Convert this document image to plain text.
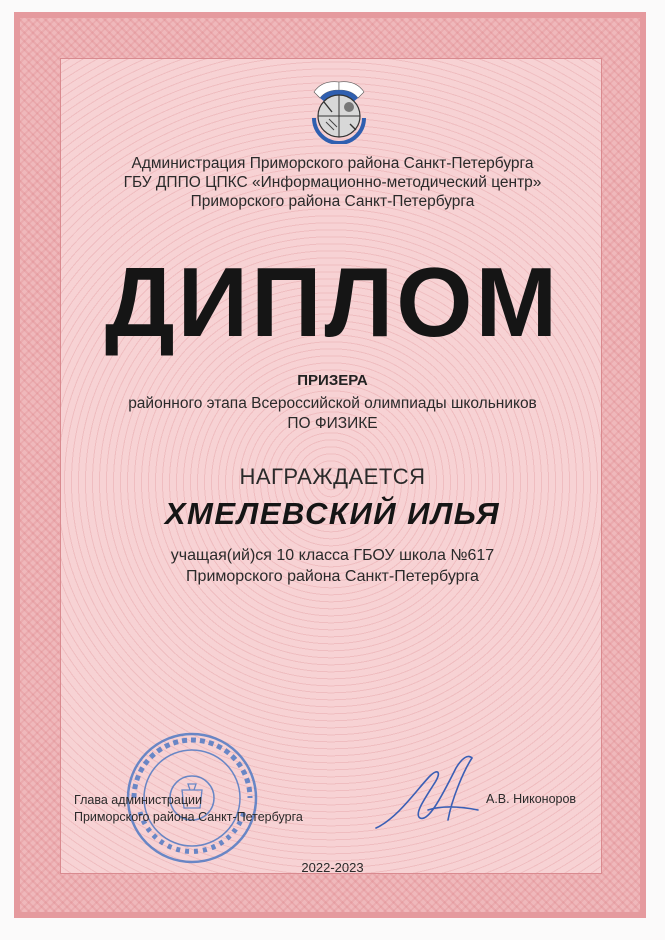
Администрация Приморского района Санкт-Петербурга
ГБУ ДППО ЦПКС «Информационно-методический центр»
Приморского района Санкт-Петербурга
ДИПЛОМ
ПРИЗЕРА
районного этапа Всероссийской олимпиады школьников
ПО ФИЗИКЕ
НАГРАЖДАЕТСЯ
ХМЕЛЕВСКИЙ ИЛЬЯ
учащая(ий)ся 10 класса ГБОУ школа №617
Приморского района Санкт-Петербурга
Глава администрации
Приморского района Санкт-Петербурга
А.В. Никоноров
2022-2023
